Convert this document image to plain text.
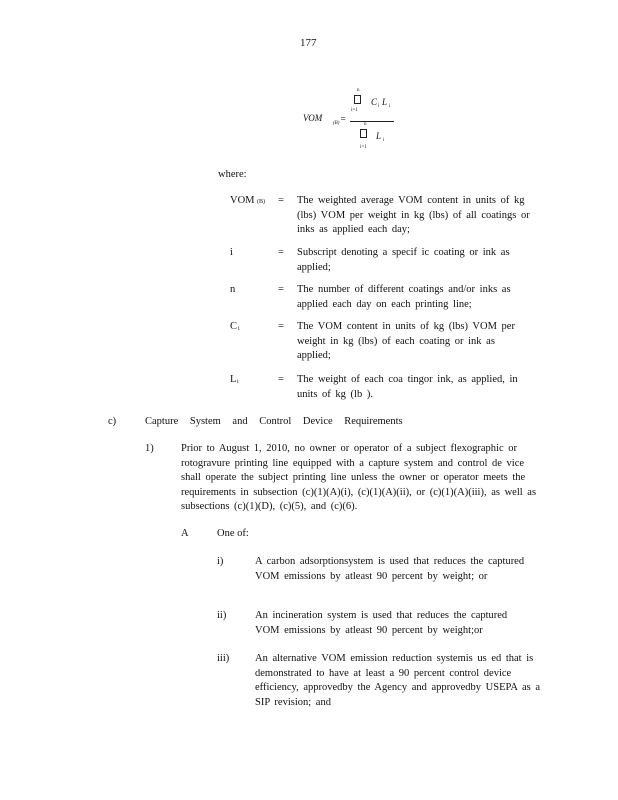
177
VOM
(B) =
n
i=1
C i L i
n
i=1
L i
where:
VOM (B) = The weighted average VOM content in units of kg (lbs) VOM per weight in kg (lbs) of all coatings or inks as applied each day;
i	= Subscript denoting a specif ic coating or ink as applied;
n	= The number of different coatings and/or inks as applied each day on each printing line;
C i	= The VOM content in units of kg (lbs) VOM per weight in kg (lbs) of each coating or ink as applied;
L i	= The weight of each coa tingor ink, as applied, in units of kg (lb ).
c)	Capture System and Control Device Requirements
1)	Prior to August 1, 2010, no owner or operator of a subject flexographic or rotogravure printing line equipped with a capture system and control de vice shall operate the subject printing line unless the owner or operator meets the requirements in subsection (c)(1)(A)(i), (c)(1)(A)(ii), or (c)(1)(A)(iii), as well as subsections (c)(1)(D), (c)(5), and (c)(6).
A	One of:
i)	A carbon adsorptionsystem is used that reduces the captured VOM emissions by atleast 90 percent by weight; or
ii)	An incineration system is used that reduces the captured VOM emissions by atleast 90 percent by weight;or
iii) An alternative VOM emission reduction systemis us ed that is demonstrated to have at least a 90 percent control device efficiency, approvedby the Agency and approvedby USEPA as a SIP revision; and
